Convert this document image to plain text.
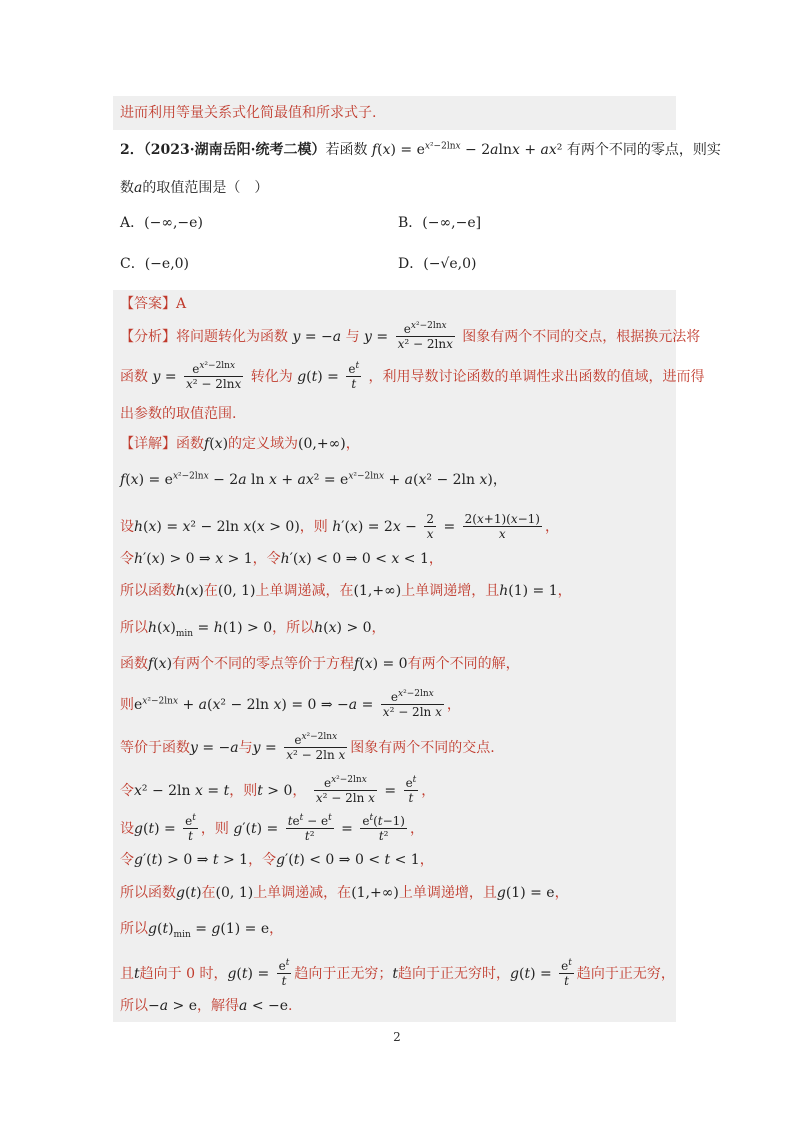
进而利用等量关系式化简最值和所求式子.
2．（2023·湖南岳阳·统考二模）若函数 $f(x) = e^{x^2-2lnx} - 2alnx + ax^2$ 有两个不同的零点，则实
数a的取值范围是（　）
A．(−∞,−e)	B．(−∞,−e]
C．(−e,0)	D．(−√e,0)
【答案】A
【分析】将问题转化为函数 y = −a 与 $y = \frac{e^{x^2-2lnx}}{\text{x² − 2lnx}}$ 图象有两个不同的交点，根据换元法将
函数 $y = \frac{e^{x^2-2lnx}}{\text{x² − 2lnx}}$ 转化为 $g(t) = \frac{e^t}{t}$ ，利用导数讨论函数的单调性求出函数的值域，进而得
出参数的取值范围.
【详解】函数f(x)的定义域为(0,+∞)，
$f(x) = e^{x^2-2lnx} - 2a$ $\ln x + ax^2 = e^{x^2-2lnx} + a(x^2 - 2\ln$ x)，
设h(x) = x² − 2ln x(x > 0)，则 $h'(x) = 2x - \frac{2}{x} = \frac{2(x+1)(x-1)}{x}$ ，
令h′(x) > 0 ⇒ x > 1，令h′(x) < 0 ⇒ 0 < x < 1，
所以函数h(x)在(0, 1)上单调递减，在(1,+∞)上单调递增，且h(1) = 1，
所以$h(x)_{min} = h(1) > 0$，所以h(x) > 0，
函数f(x)有两个不同的零点等价于方程f(x) = 0有两个不同的解，
则$e^{x^2-2lnx} + a(x^2 - 2\ln$ x) = 0 ⇒ $-a = \frac{e^{x^2-2lnx}}{\text{x² − 2ln x}}$ ，
等价于函数y = −a与$y = \frac{e^{x^2-2lnx}}{\text{x² − 2ln x}}$ 图象有两个不同的交点.
令x² − 2ln x = t，则t > 0， $\frac{e^{x^2-2lnx}}{\text{x² − 2ln x}} = \frac{e^t}{t}$ ，
设$g(t) = \frac{e^t}{t}$ ，则 $g'(t) = \frac{te^t - e^t}{\text{t²}} = \frac{e^t(t-1)}{\text{t²}}$ ，
令g′(t) > 0 ⇒ t > 1，令g′(t) < 0 ⇒ 0 < t < 1，
所以函数g(t)在(0, 1)上单调递减，在(1,+∞)上单调递增，且g(1) = e，
所以$g(t)_{min} = g(1) = e$，
且t趋向于 0 时，$g(t) = \frac{e^t}{t}$ 趋向于正无穷；t趋向于正无穷时，$g(t) = \frac{e^t}{t}$ 趋向于正无穷，
所以−a > e，解得a < −e.
2
